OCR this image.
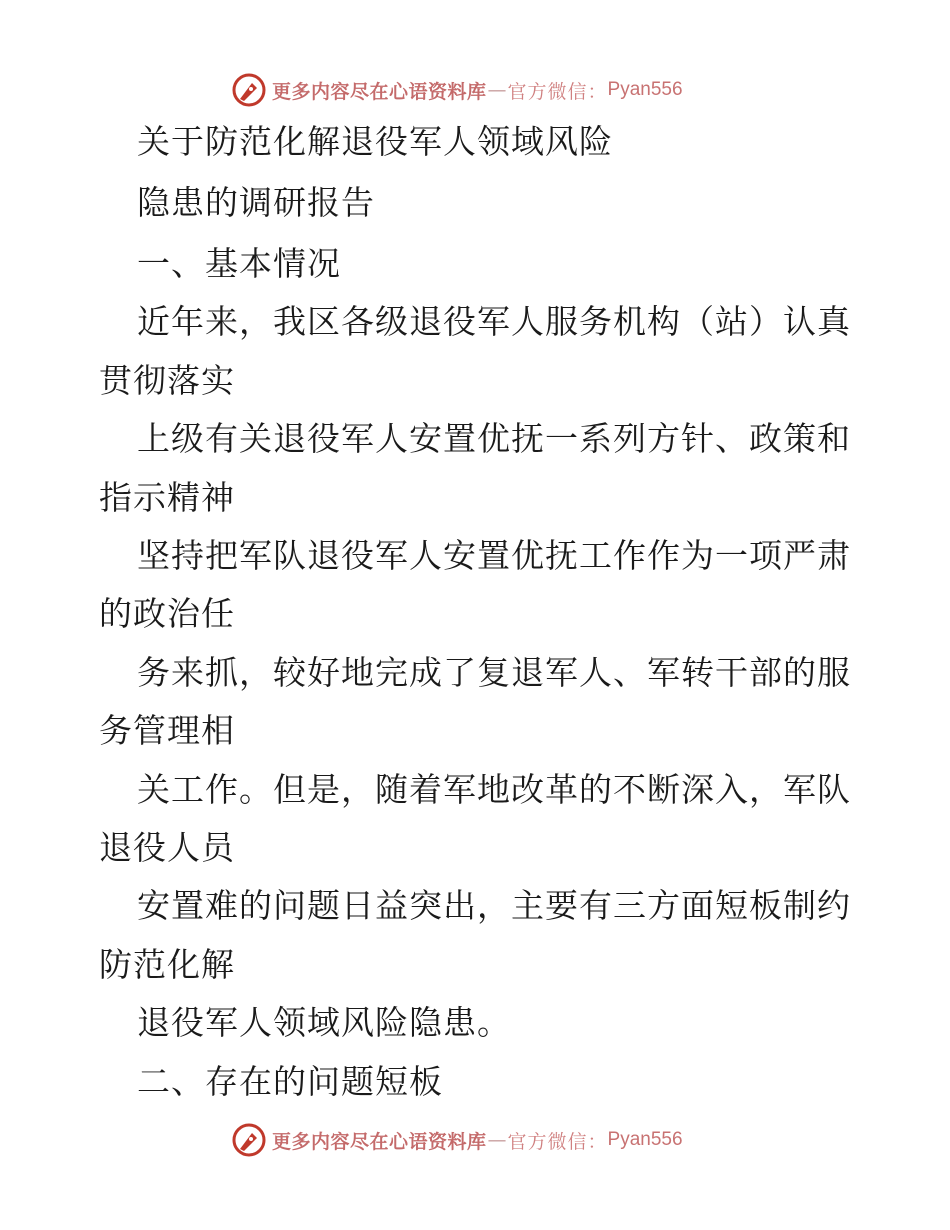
更多内容尽在心语资料库 — 官方微信： Pyan556
关于防范化解退役军人领域风险
隐患的调研报告
一、基本情况
近年来，我区各级退役军人服务机构（站）认真
贯彻落实
上级有关退役军人安置优抚一系列方针、政策和
指示精神
坚持把军队退役军人安置优抚工作作为一项严肃
的政治任
务来抓，较好地完成了复退军人、军转干部的服
务管理相
关工作。但是，随着军地改革的不断深入，军队
退役人员
安置难的问题日益突出，主要有三方面短板制约
防范化解
退役军人领域风险隐患。
二、存在的问题短板
更多内容尽在心语资料库 — 官方微信： Pyan556
